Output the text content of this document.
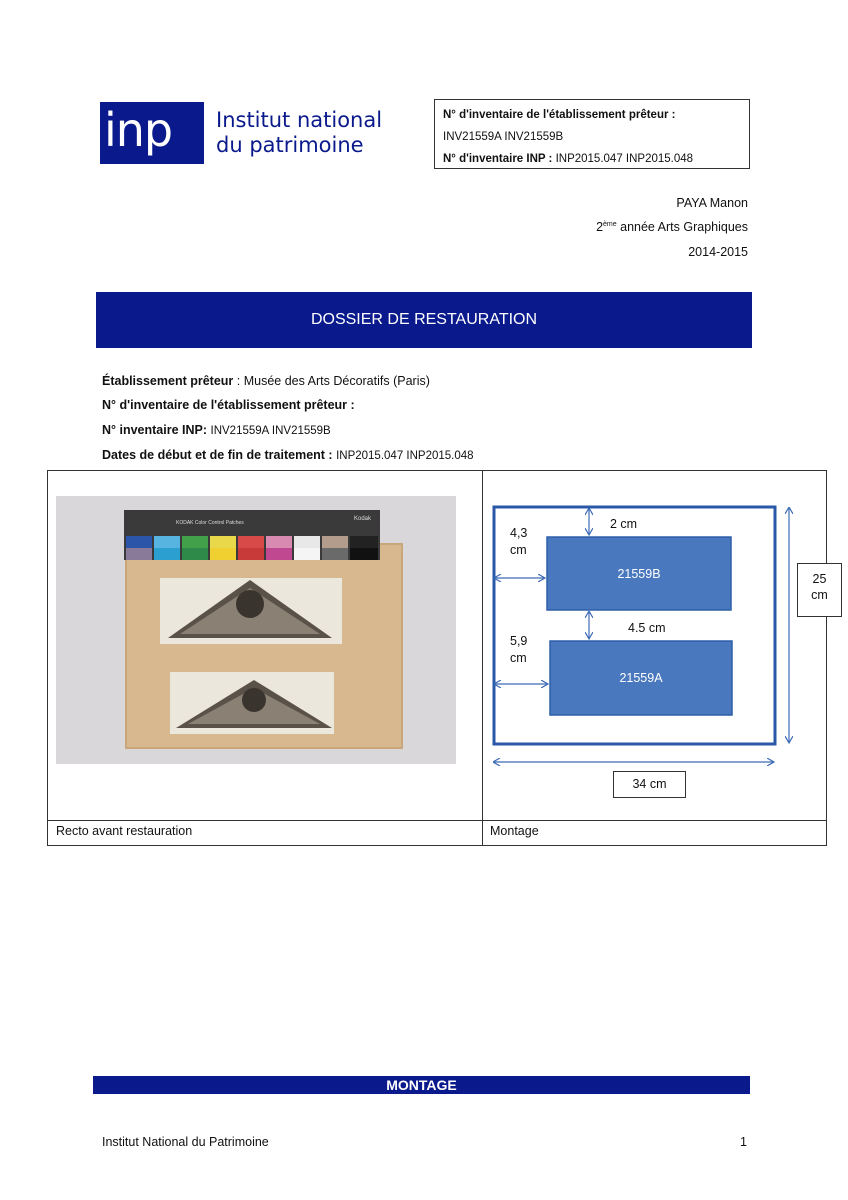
inp	Institut national
du patrimoine
N° d'inventaire de l'établissement prêteur :
INV21559A INV21559B
N° d'inventaire INP : INP2015.047 INP2015.048
PAYA Manon
2ème année Arts Graphiques
2014-2015
DOSSIER DE RESTAURATION
Établissement prêteur : Musée des Arts Décoratifs (Paris)
N° d'inventaire de l'établissement prêteur :
N° inventaire INP: INV21559A INV21559B
Dates de début et de fin de traitement : INP2015.047 INP2015.048
KODAK Color Control Patches
Kodak	2 cm
4,3
cm
21559B
4.5 cm
5,9
cm
21559A
25
cm
34 cm
Recto avant restauration	Montage
MONTAGE
Institut National du Patrimoine	1
